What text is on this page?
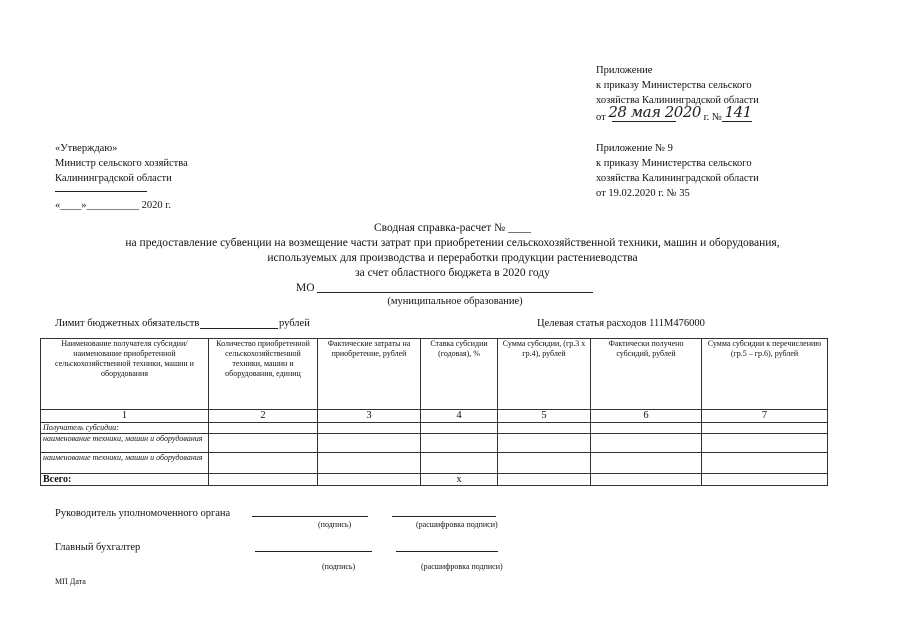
Приложение
к приказу Министерства сельского
хозяйства Калининградской области
от 28 мая 2020 г. № 141
Приложение № 9
к приказу Министерства сельского
хозяйства Калининградской области
от 19.02.2020 г. № 35
«Утверждаю»
Министр сельского хозяйства
Калининградской области
«____»__________ 2020 г.
Сводная справка-расчет № ____
на предоставление субвенции на возмещение части затрат при приобретении сельскохозяйственной техники, машин и оборудования,
используемых для производства и переработки продукции растениеводства
за счет областного бюджета в 2020 году
МО
(муниципальное образование)
Лимит бюджетных обязательств	рублей	Целевая статья расходов 111М476000
Наименование получателя субсидии/наименование приобретенной сельскохозяйственной техники, машин и оборудования	Количество приобретенной сельскохозяйственной техники, машин и оборудования, единиц	Фактические затраты на приобретение, рублей	Ставка субсидии (годовая), %	Сумма субсидии, (гр.3 х гр.4), рублей	Фактически получено субсидий, рублей	Сумма субсидии к перечислению (гр.5 – гр.6), рублей
1	2	3	4	5	6	7
Получатель субсидии:						
наименование техники, машин и оборудования						
наименование техники, машин и оборудования						
Всего:			х			
Руководитель уполномоченного органа
(подпись)	(расшифровка подписи)
Главный бухгалтер
(подпись)	(расшифровка подписи)
МП Дата
